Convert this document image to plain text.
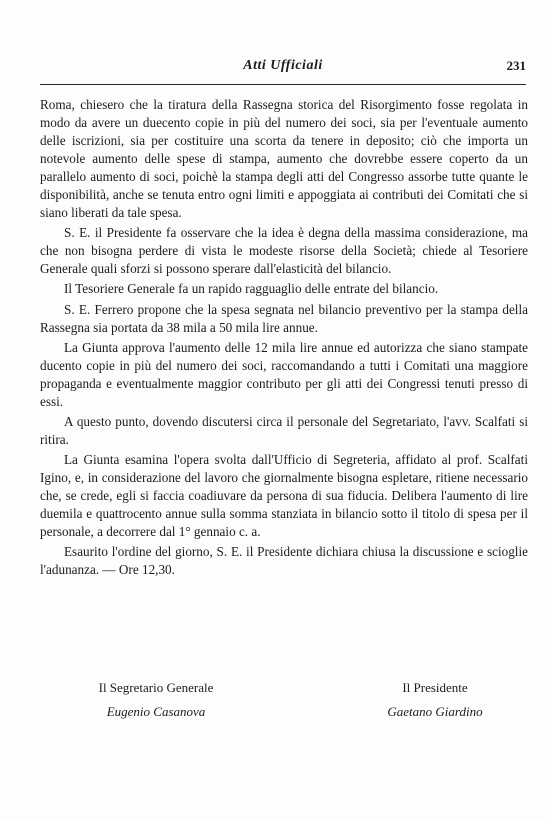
Atti Ufficiali	231

Roma, chiesero che la tiratura della Rassegna storica del Risorgimento fosse regolata in modo da avere un duecento copie in più del numero dei soci, sia per l'eventuale aumento delle iscrizioni, sia per costituire una scorta da tenere in deposito; ciò che importa un notevole aumento delle spese di stampa, aumento che dovrebbe essere coperto da un parallelo aumento di soci, poichè la stampa degli atti del Congresso assorbe tutte quante le disponibilità, anche se tenuta entro ogni limiti e appoggiata ai contributi dei Comitati che si siano liberati da tale spesa.

S. E. il Presidente fa osservare che la idea è degna della massima considerazione, ma che non bisogna perdere di vista le modeste risorse della Società; chiede al Tesoriere Generale quali sforzi si possono sperare dall'elasticità del bilancio.

Il Tesoriere Generale fa un rapido ragguaglio delle entrate del bilancio.

S. E. Ferrero propone che la spesa segnata nel bilancio preventivo per la stampa della Rassegna sia portata da 38 mila a 50 mila lire annue.

La Giunta approva l'aumento delle 12 mila lire annue ed autorizza che siano stampate ducento copie in più del numero dei soci, raccomandando a tutti i Comitati una maggiore propaganda e eventualmente maggior contributo per gli atti dei Congressi tenuti presso di essi.

A questo punto, dovendo discutersi circa il personale del Segretariato, l'avv. Scalfati si ritira.

La Giunta esamina l'opera svolta dall'Ufficio di Segreteria, affidato al prof. Scalfati Igino, e, in considerazione del lavoro che giornalmente bisogna espletare, ritiene necessario che, se crede, egli si faccia coadiuvare da persona di sua fiducia. Delibera l'aumento di lire duemila e quattrocento annue sulla somma stanziata in bilancio sotto il titolo di spesa per il personale, a decorrere dal 1° gennaio c. a.

Esaurito l'ordine del giorno, S. E. il Presidente dichiara chiusa la discussione e scioglie l'adunanza. — Ore 12,30.

Il Segretario Generale
Eugenio Casanova
Il Presidente
Gaetano Giardino
